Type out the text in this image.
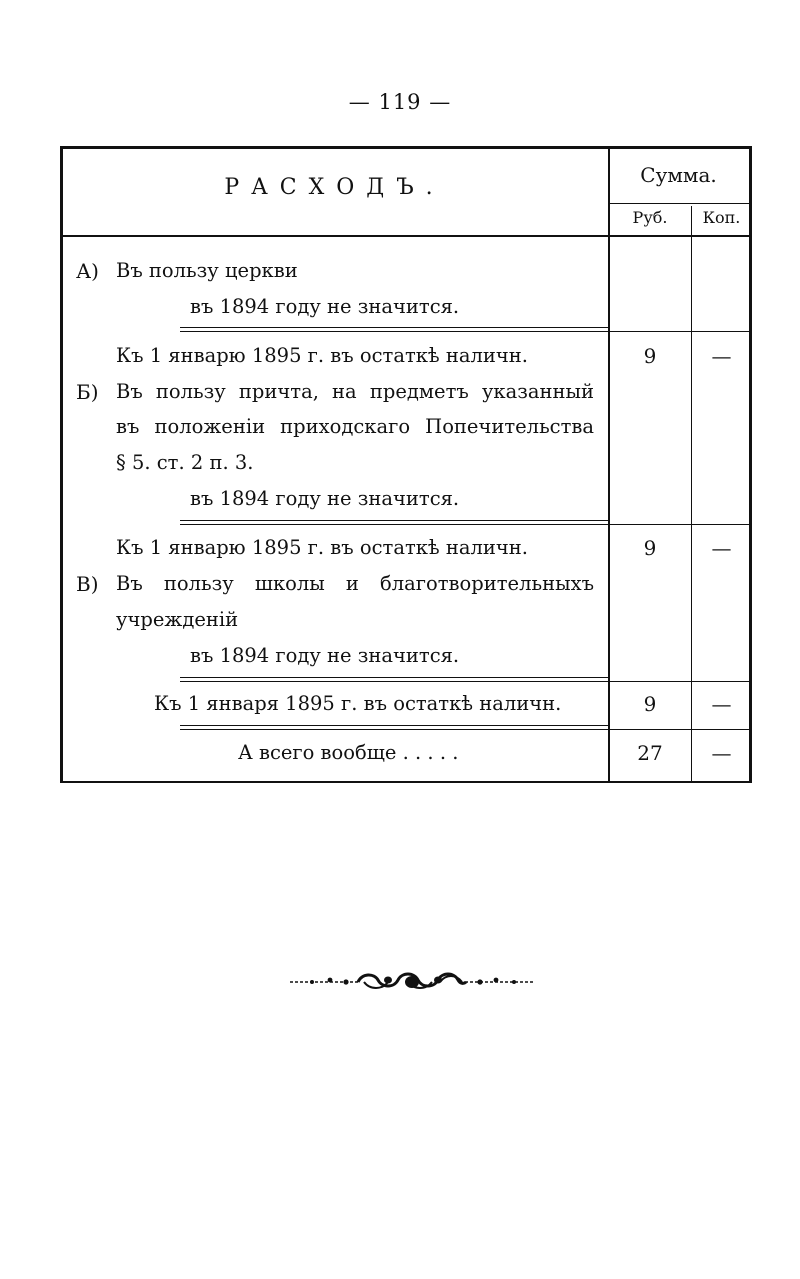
— 119 —
РАСХОДЪ.	Сумма.
Руб.	Коп.
А) Въ пользу церкви
въ 1894 году не значится.
Къ 1 январю 1895 г. въ остаткѣ наличн.	9	—
Б) Въ пользу причта, на предметъ указанный
въ положеніи приходскаго Попечительства
§ 5. ст. 2 п. 3.
въ 1894 году не значится.
Къ 1 январю 1895 г. въ остаткѣ наличн.	9	—
В) Въ пользу школы и благотворительныхъ
учрежденій
въ 1894 году не значится.
Къ 1 января 1895 г. въ остаткѣ наличн.	9	—
А всего вообще . . . . .	27	—
